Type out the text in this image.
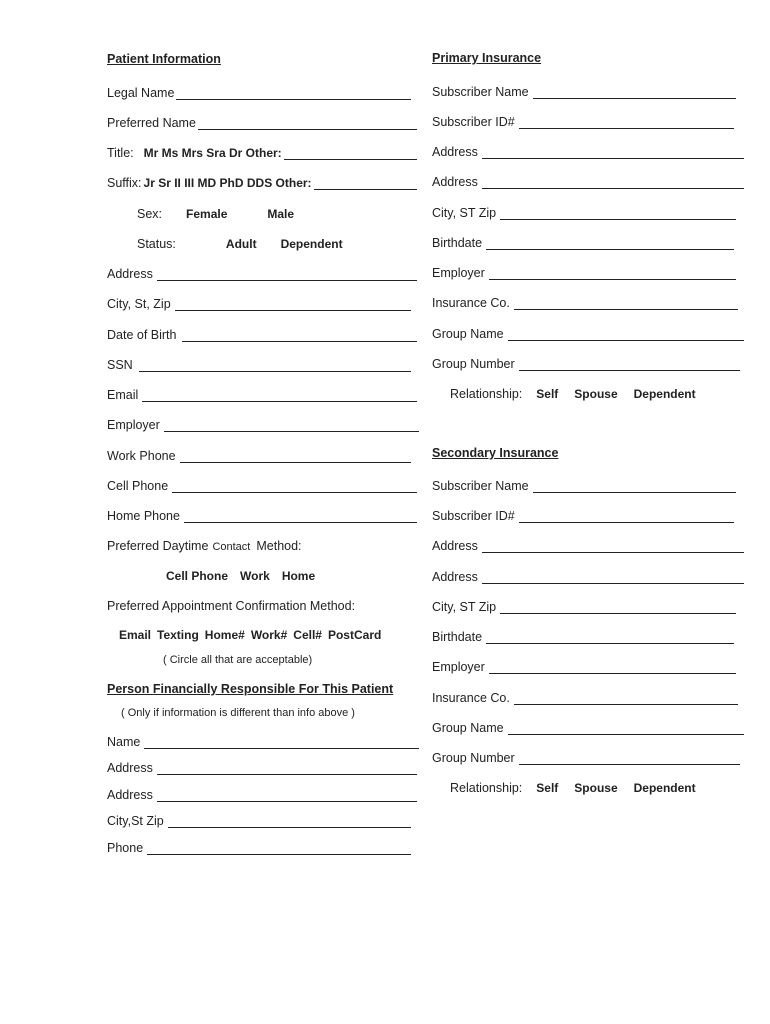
Patient Information
Legal Name
Preferred Name
Title: Mr Ms Mrs Sra Dr Other:
Suffix: Jr Sr II III MD PhD DDS Other:
Sex: Female	Male
Status:	Adult Dependent
Address
City, St, Zip
Date of Birth
SSN
Email
Employer
Work Phone
Cell Phone
Home Phone
Preferred Daytime Contact Method:
Cell Phone Work Home
Preferred Appointment Confirmation Method:
Email Texting Home# Work# Cell# PostCard
( Circle all that are acceptable)
Person Financially Responsible For This Patient
( Only if information is different than info above )
Name
Address
Address
City,St Zip
Phone
Primary Insurance
Subscriber Name
Subscriber ID#
Address
Address
City, ST Zip
Birthdate
Employer
Insurance Co.
Group Name
Group Number
Relationship: Self Spouse Dependent
Secondary Insurance
Subscriber Name
Subscriber ID#
Address
Address
City, ST Zip
Birthdate
Employer
Insurance Co.
Group Name
Group Number
Relationship: Self Spouse Dependent
